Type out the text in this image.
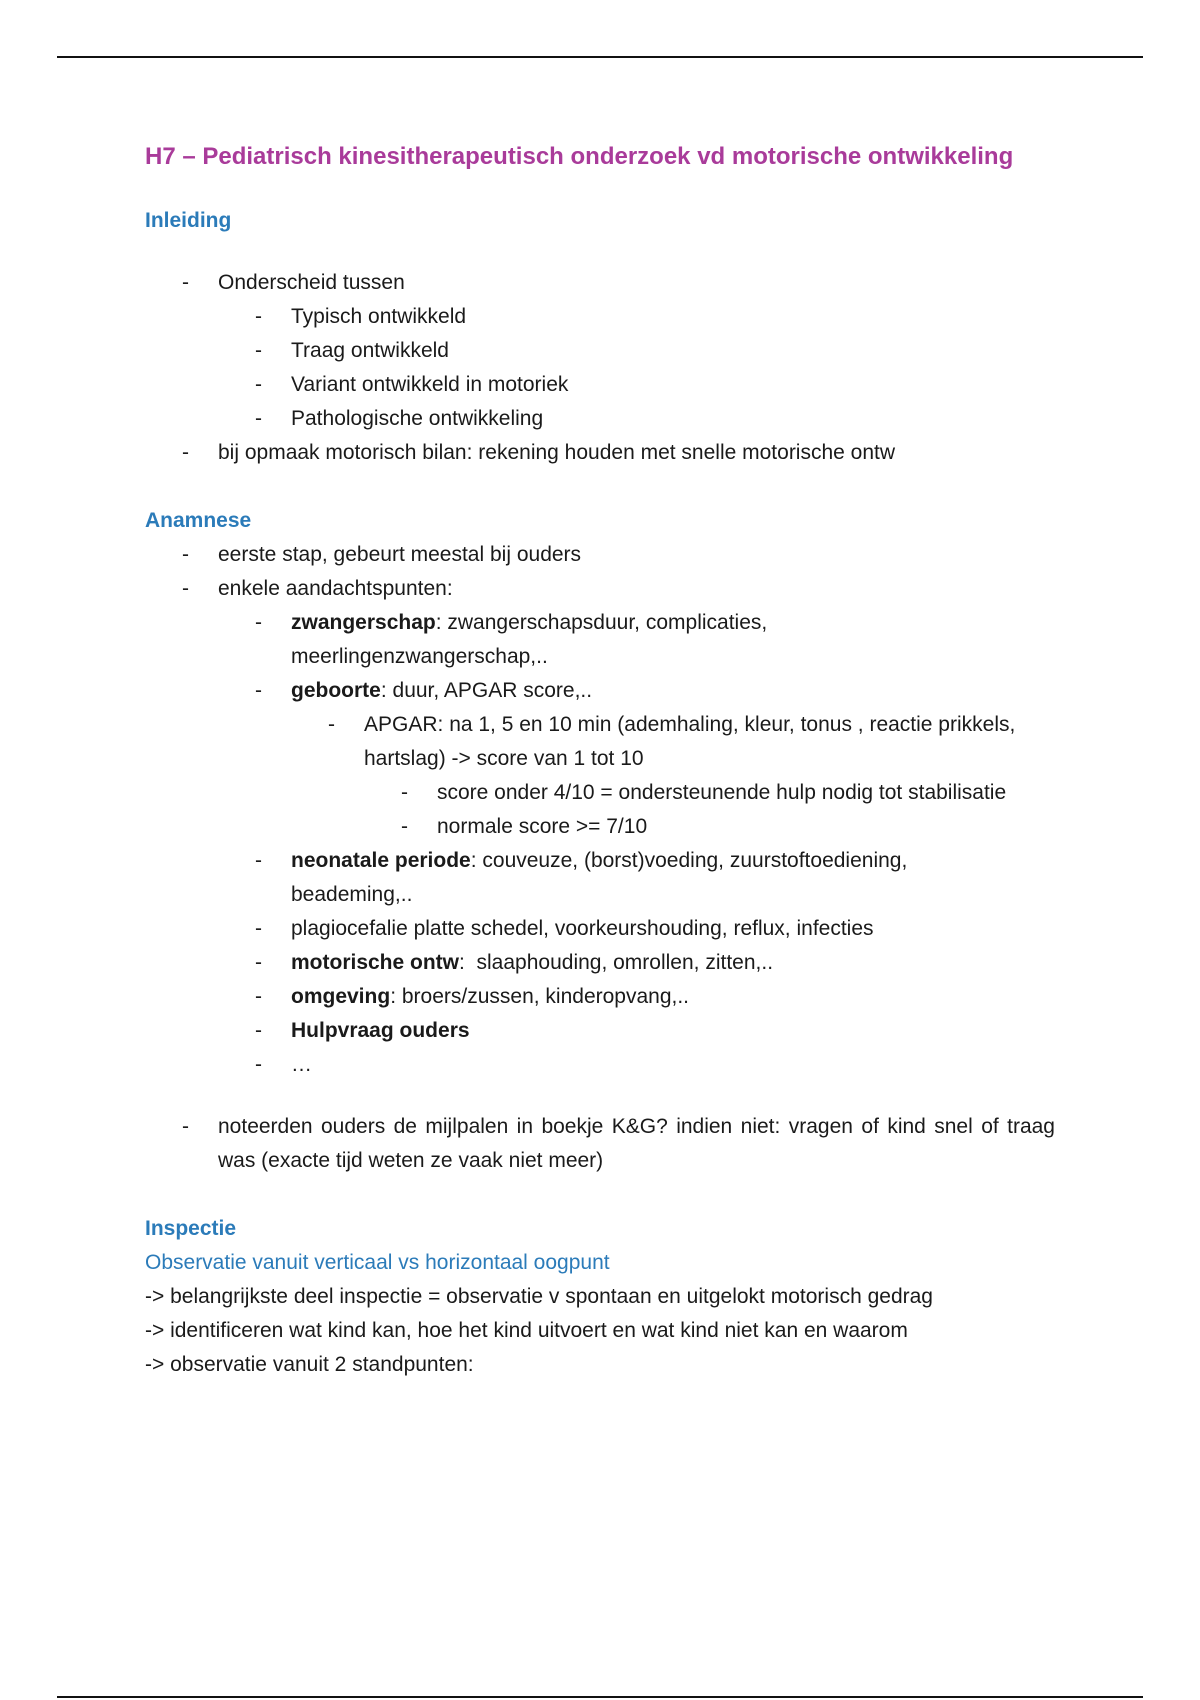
H7 – Pediatrisch kinesitherapeutisch onderzoek vd motorische ontwikkeling

Inleiding

- Onderscheid tussen
- Typisch ontwikkeld
- Traag ontwikkeld
- Variant ontwikkeld in motoriek
- Pathologische ontwikkeling
- bij opmaak motorisch bilan: rekening houden met snelle motorische ontw

Anamnese

- eerste stap, gebeurt meestal bij ouders
- enkele aandachtspunten:
- zwangerschap: zwangerschapsduur, complicaties, meerlingenzwangerschap,..
- geboorte: duur, APGAR score,..
- APGAR: na 1, 5 en 10 min (ademhaling, kleur, tonus , reactie prikkels, hartslag) -> score van 1 tot 10
- score onder 4/10 = ondersteunende hulp nodig tot stabilisatie
- normale score >= 7/10
- neonatale periode: couveuze, (borst)voeding, zuurstoftoediening, beademing,..
- plagiocefalie platte schedel, voorkeurshouding, reflux, infecties
- motorische ontw:  slaaphouding, omrollen, zitten,..
- omgeving: broers/zussen, kinderopvang,..
- Hulpvraag ouders
- …
- noteerden ouders de mijlpalen in boekje K&G? indien niet: vragen of kind snel of traag was (exacte tijd weten ze vaak niet meer)

Inspectie

Observatie vanuit verticaal vs horizontaal oogpunt

-> belangrijkste deel inspectie = observatie v spontaan en uitgelokt motorisch gedrag

-> identificeren wat kind kan, hoe het kind uitvoert en wat kind niet kan en waarom

-> observatie vanuit 2 standpunten:
